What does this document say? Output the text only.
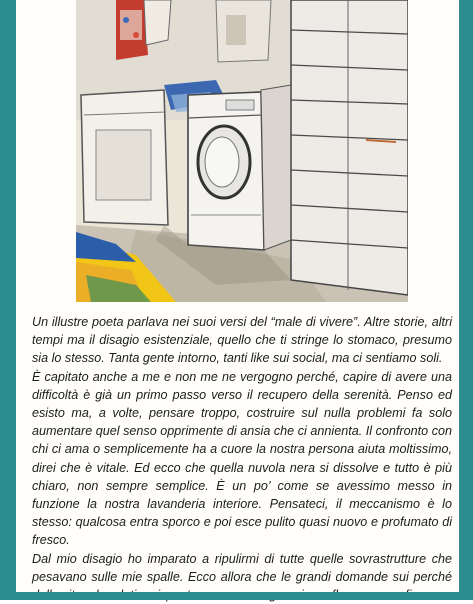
Un illustre poeta parlava nei suoi versi del “male di vivere”. Altre storie, altri tempi ma il disagio esistenziale, quello che ti stringe lo stomaco, presumo sia lo stesso. Tanta gente intorno, tanti like sui social, ma ci sentiamo soli.

È capitato anche a me e non me ne vergogno perché, capire di avere una difficoltà è già un primo passo verso il recupero della serenità. Penso ed esisto ma, a volte, pensare troppo, costruire sul nulla problemi fa solo aumentare quel senso opprimente di ansia che ci annienta. Il confronto con chi ci ama o semplicemente ha a cuore la nostra persona aiuta moltissimo, direi che è vitale. Ed ecco che quella nuvola nera si dissolve e tutto è più chiaro, non sempre semplice. È un po’ come se avessimo messo in funzione la nostra lavanderia interiore. Pensateci, il meccanismo è lo stesso: qualcosa entra sporco e poi esce pulito quasi nuovo e profumato di fresco.

Dal mio disagio ho imparato a ripulirmi di tutte quelle sovrastrutture che pesavano sulle mie spalle. Ecco allora che le grandi domande sui perché
